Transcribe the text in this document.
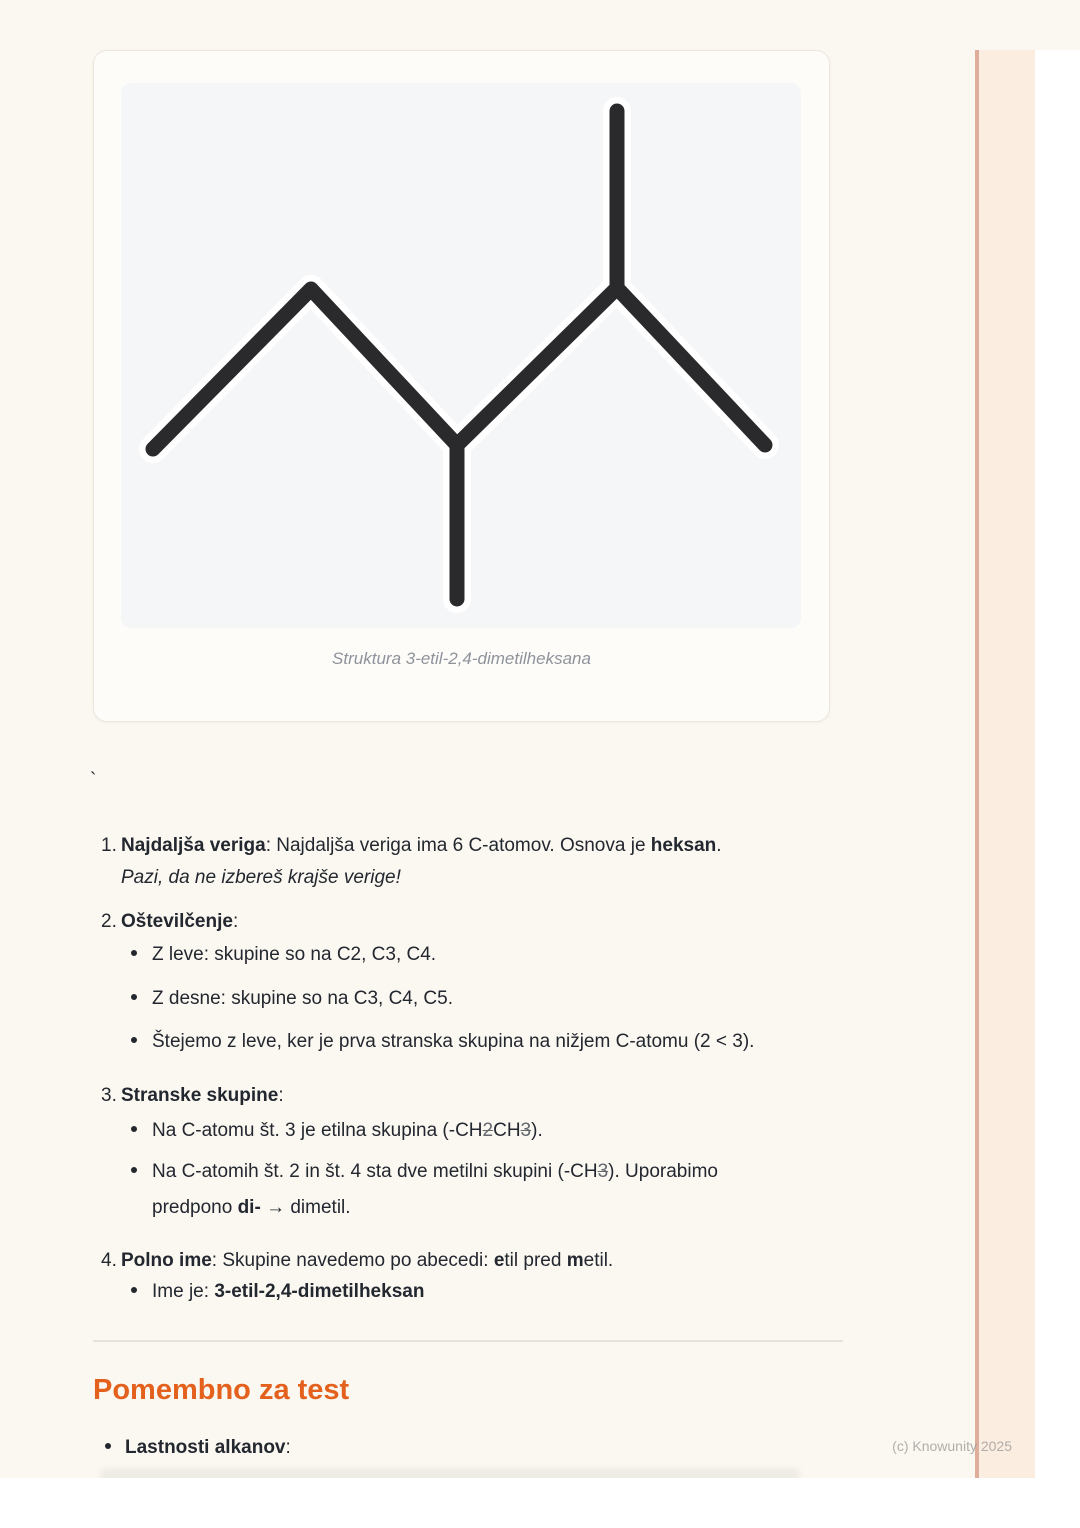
Struktura 3-etil-2,4-dimetilheksana
`
1. Najdaljša veriga: Najdaljša veriga ima 6 C-atomov. Osnova je heksan.
Pazi, da ne izbereš krajše verige!
2. Oštevilčenje:
Z leve: skupine so na C2, C3, C4.
Z desne: skupine so na C3, C4, C5.
Štejemo z leve, ker je prva stranska skupina na nižjem C-atomu (2 < 3).
3. Stranske skupine:
Na C-atomu št. 3 je etilna skupina (-CH2CH3).
Na C-atomih št. 2 in št. 4 sta dve metilni skupini (-CH3). Uporabimo
predpono di- → dimetil.
4. Polno ime: Skupine navedemo po abecedi: etil pred metil.
Ime je: 3-etil-2,4-dimetilheksan
Pomembno za test
Lastnosti alkanov:	(c) Knowunity 2025
